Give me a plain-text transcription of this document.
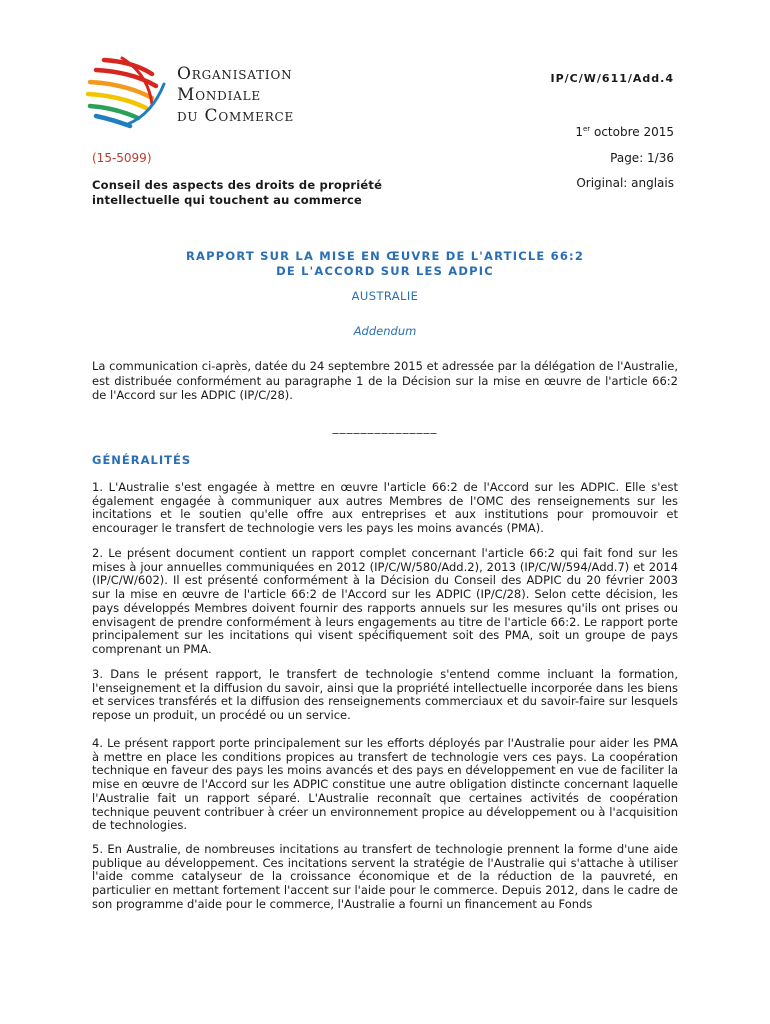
Organisation
Mondiale
du Commerce
IP/C/W/611/Add.4
1er octobre 2015
(15-5099)	Page: 1/36
Conseil des aspects des droits de propriété
intellectuelle qui touchent au commerce
Original: anglais
RAPPORT SUR LA MISE EN ŒUVRE DE L'ARTICLE 66:2
DE L'ACCORD SUR LES ADPIC
AUSTRALIE
Addendum
La communication ci-après, datée du 24 septembre 2015 et adressée par la délégation de l'Australie, est distribuée conformément au paragraphe 1 de la Décision sur la mise en œuvre de l'article 66:2 de l'Accord sur les ADPIC (IP/C/28).
_______________
GÉNÉRALITÉS
1. L'Australie s'est engagée à mettre en œuvre l'article 66:2 de l'Accord sur les ADPIC. Elle s'est également engagée à communiquer aux autres Membres de l'OMC des renseignements sur les incitations et le soutien qu'elle offre aux entreprises et aux institutions pour promouvoir et encourager le transfert de technologie vers les pays les moins avancés (PMA).
2. Le présent document contient un rapport complet concernant l'article 66:2 qui fait fond sur les mises à jour annuelles communiquées en 2012 (IP/C/W/580/Add.2), 2013 (IP/C/W/594/Add.7) et 2014 (IP/C/W/602). Il est présenté conformément à la Décision du Conseil des ADPIC du 20 février 2003 sur la mise en œuvre de l'article 66:2 de l'Accord sur les ADPIC (IP/C/28). Selon cette décision, les pays développés Membres doivent fournir des rapports annuels sur les mesures qu'ils ont prises ou envisagent de prendre conformément à leurs engagements au titre de l'article 66:2. Le rapport porte principalement sur les incitations qui visent spécifiquement soit des PMA, soit un groupe de pays comprenant un PMA.
3. Dans le présent rapport, le transfert de technologie s'entend comme incluant la formation, l'enseignement et la diffusion du savoir, ainsi que la propriété intellectuelle incorporée dans les biens et services transférés et la diffusion des renseignements commerciaux et du savoir-faire sur lesquels repose un produit, un procédé ou un service.
4. Le présent rapport porte principalement sur les efforts déployés par l'Australie pour aider les PMA à mettre en place les conditions propices au transfert de technologie vers ces pays. La coopération technique en faveur des pays les moins avancés et des pays en développement en vue de faciliter la mise en œuvre de l'Accord sur les ADPIC constitue une autre obligation distincte concernant laquelle l'Australie fait un rapport séparé. L'Australie reconnaît que certaines activités de coopération technique peuvent contribuer à créer un environnement propice au développement ou à l'acquisition de technologies.
5. En Australie, de nombreuses incitations au transfert de technologie prennent la forme d'une aide publique au développement. Ces incitations servent la stratégie de l'Australie qui s'attache à utiliser l'aide comme catalyseur de la croissance économique et de la réduction de la pauvreté, en particulier en mettant fortement l'accent sur l'aide pour le commerce. Depuis 2012, dans le cadre de son programme d'aide pour le commerce, l'Australie a fourni un financement au Fonds
